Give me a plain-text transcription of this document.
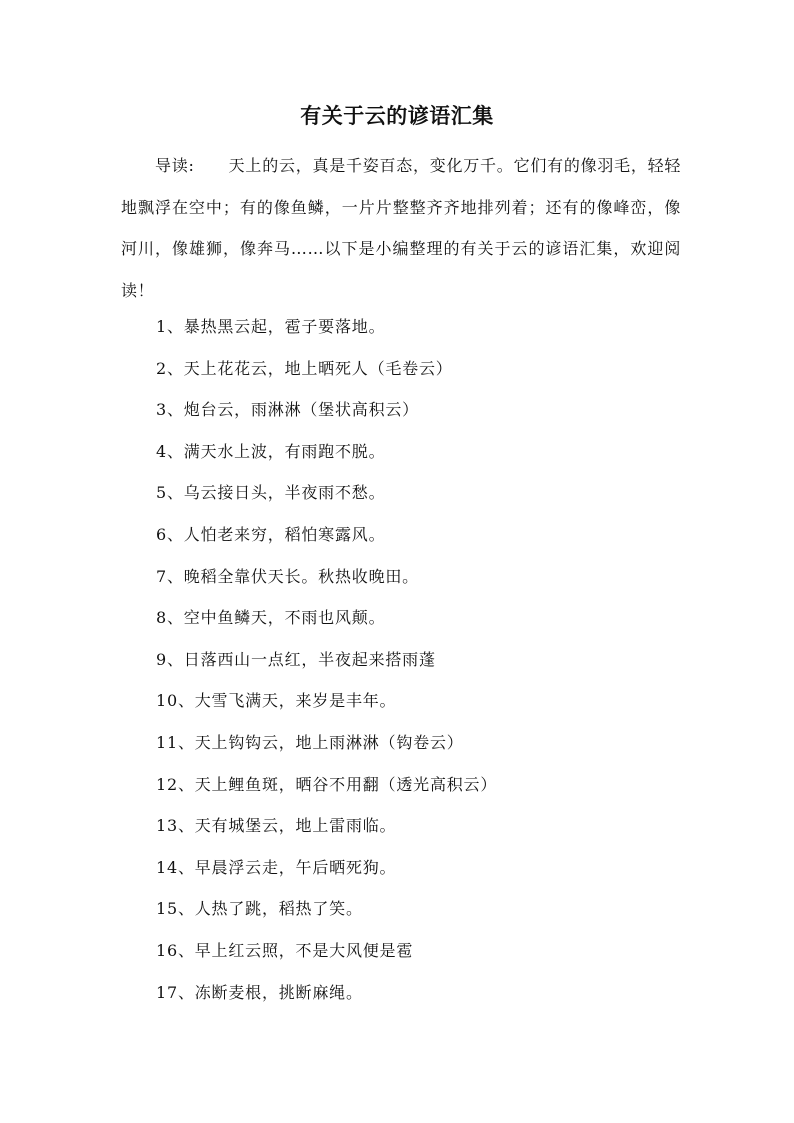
有关于云的谚语汇集
导读: 天上的云，真是千姿百态，变化万千。它们有的像羽毛，轻轻地飘浮在空中；有的像鱼鳞，一片片整整齐齐地排列着；还有的像峰峦，像河川，像雄狮，像奔马……以下是小编整理的有关于云的谚语汇集，欢迎阅读！
1、暴热黑云起，雹子要落地。
2、天上花花云，地上晒死人（毛卷云）
3、炮台云，雨淋淋（堡状高积云）
4、满天水上波，有雨跑不脱。
5、乌云接日头，半夜雨不愁。
6、人怕老来穷，稻怕寒露风。
7、晚稻全靠伏天长。秋热收晚田。
8、空中鱼鳞天，不雨也风颠。
9、日落西山一点红，半夜起来搭雨蓬
10、大雪飞满天，来岁是丰年。
11、天上钩钩云，地上雨淋淋（钩卷云）
12、天上鲤鱼斑，晒谷不用翻（透光高积云）
13、天有城堡云，地上雷雨临。
14、早晨浮云走，午后晒死狗。
15、人热了跳，稻热了笑。
16、早上红云照，不是大风便是雹
17、冻断麦根，挑断麻绳。
